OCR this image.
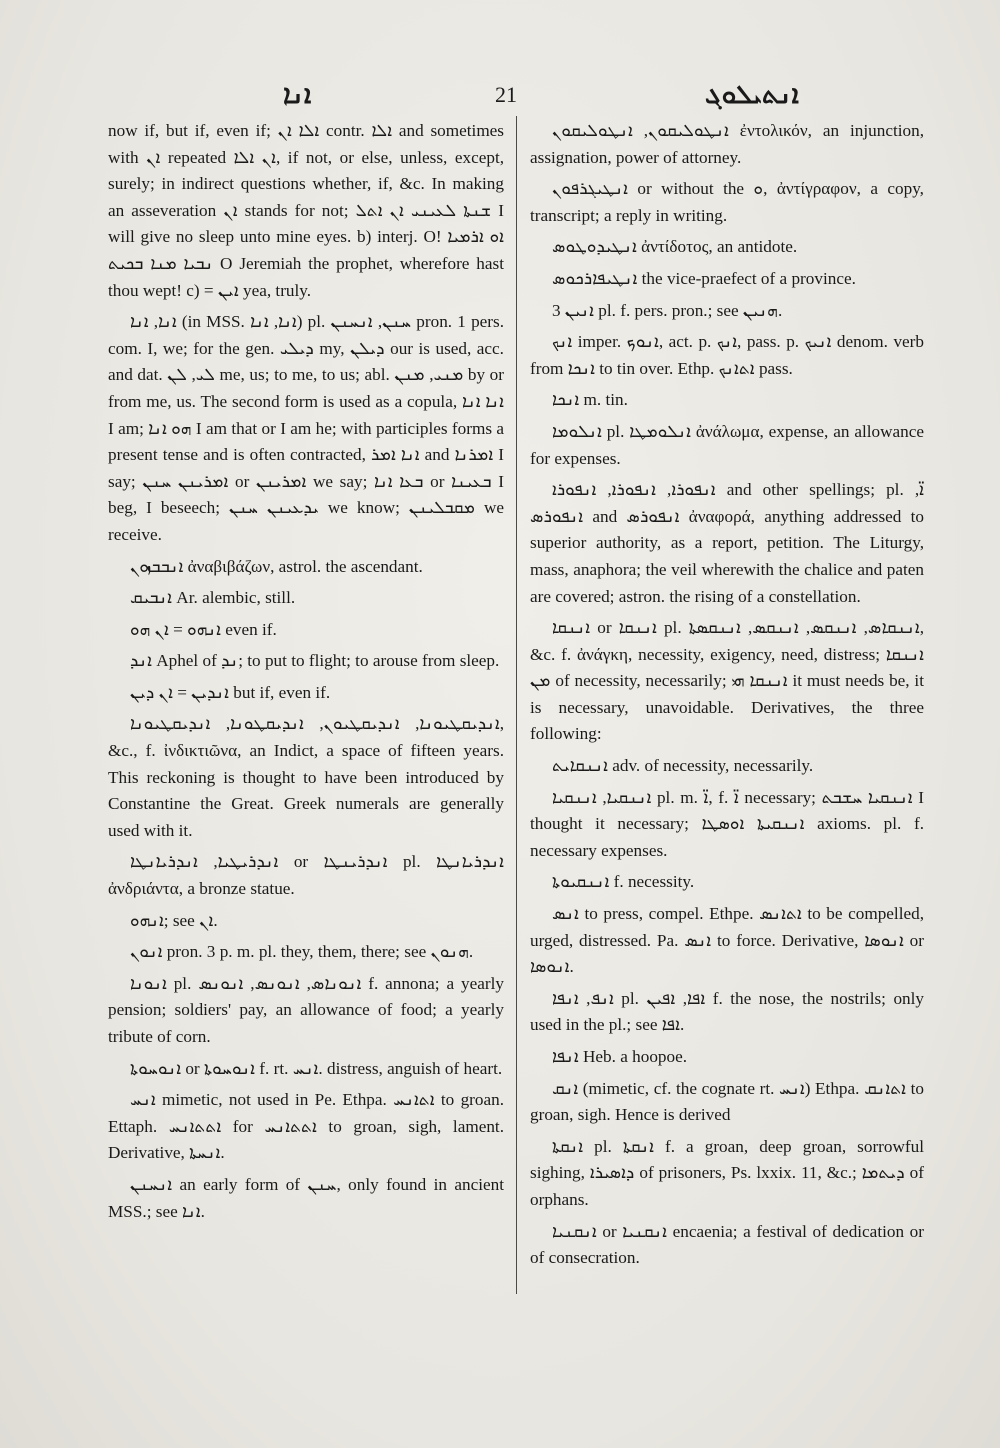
ܐܢܐ	21	ܐܢܬܝܠܘܓ

now if, but if, even if; ܐܠܐ ܐܢ contr. ܐܠܐ and sometimes with ܐܢ repeated ܐܢ ܐܠܐ, if not, or else, unless, except, surely; in indirect questions whether, if, &c. In making an asseveration ܐܢ stands for not; ܫܢܬܐ ܠܥܝܢܝ ܐܢ ܐܬܠ I will give no sleep unto mine eyes. b) interj. O! ܐܘ ܐܪܡܝܐ ܢܒܝܐ ܡܢܐ ܒܟܝܬ O Jeremiah the prophet, wherefore hast thou wept! c) = ܐܝܢ yea, truly.

ܐܢܐ, ܐܢܐ (in MSS. ܐܢܐ, ܐܢܐ) pl. ܚܢܢ, ܐܢܚܢܢ pron. 1 pers. com. I, we; for the gen. ܕܝܠܝ my, ܕܝܠܢ our is used, acc. and dat. ܠܝ, ܠܢ me, us; to me, to us; abl. ܡܢܝ, ܡܢܢ by or from me, us. The second form is used as a copula, ܐܢܐ ܐܢܐ I am; ܗܘ ܐܢܐ I am that or I am he; with participles forms a present tense and is often contracted, ܐܢܐ ܐܡܪ and ܐܡܪܢܐ I say; ܐܡܪܝܢܢ ܚܢܢ or ܐܡܪܝܢܢ we say; ܒܥܐ ܐܢܐ or ܒܥܝܢܐ I beg, I beseech; ܝܕܥܝܢܢ ܚܢܢ we know; ܡܩܒܠܝܢܢ we receive.

ܐܢܒܒܙܘܢ ἀναβιβάζων, astrol. the ascendant.

ܐܢܒܝܩ Ar. alembic, still.

ܐܢܗܘ = ܐܢ ܗܘ even if.

ܐܢܕ Aphel of ܢܕ; to put to flight; to arouse from sleep.

ܐܢܕܝܢ = ܐܢ ܕܝܢ but if, even if.

ܐܢܕܝܩܛܝܘܢܐ, ܐܢܕܝܩܛܝܘܢ, ܐܢܕܝܩܛܘܢܐ, ܐܢܕܝܩܛܝܘܢܐ, &c., f. ἰνδικτιῶνα, an Indict, a space of fifteen years. This reckoning is thought to have been introduced by Constantine the Great. Greek numerals are generally used with it.

ܐܢܕܪܝܛܝܐ, ܐܢܕܪܝܐܢܛܐ or ܐܢܕܪܝܢܛܐ pl. ܐܢܕܪܝܐܢܛܐ ἀνδριάντα, a bronze statue.

ܐܢܗܘ; see ܐܢ.

ܐܢܘܢ pron. 3 p. m. pl. they, them, there; see ܗܢܘܢ.

ܐܢܘܢܐ pl. ܐܢܘܢܐܣ, ܐܢܘܢܣ, ܐܢܘܢܣ f. annona; a yearly pension; soldiers' pay, an allowance of food; a yearly tribute of corn.

ܐܢܘܚܘܬܐ or ܐܢܘܚܘܬܐ f. rt. ܐܢܚ. distress, anguish of heart.

ܐܢܚ mimetic, not used in Pe. Ethpa. ܐܬܐܢܚ to groan. Ettaph. ܐܬܬܐܢܚ for ܐܬܬܐܢܚ to groan, sigh, lament. Derivative, ܐܢܚܬܐ.

ܐܢܚܢܢ an early form of ܚܢܢ, only found in ancient MSS.; see ܐܢܐ.

ܐܢܛܘܠܝܩܘܢ, ܐܢܛܘܠܝܩܘܢ ἐντολικόν, an injunction, assignation, power of attorney.

ܐܢܛܝܓܪܦܘܢ or without the ܘ, ἀντίγραφον, a copy, transcript; a reply in writing.

ܐܢܛܝܕܘܛܘܣ ἀντίδοτος, an antidote.

ܐܢܛܝܦܐܪܟܘܣ the vice-praefect of a province.

ܐܢܝܢ 3 pl. f. pers. pron.; see ܗܢܝܢ.

ܐܢܟ imper. ܐܢܘܟ, act. p. ܐܢܟ, pass. p. ܐܢܝܟ denom. verb from ܐܢܟܐ to tin over. Ethp. ܐܬܐܢܟ pass.

ܐܢܟܐ m. tin.

ܐܢܠܘܡܐ pl. ܐܢܠܘܡܛܐ ἀνάλωμα, expense, an allowance for expenses.

ܐܢܦܘܪܐ, ܐܢܦܘܪܐ, ܐܢܦܘܪܐ and other spellings; pl. ܐ̈, ܐܢܦܘܪܣ and ܐܢܦܘܪܣ ἀναφορά, anything addressed to superior authority, as a report, petition. The Liturgy, mass, anaphora; the veil wherewith the chalice and paten are covered; astron. the rising of a constellation.

ܐܢܢܩܐ or ܐܢܢܩܐ pl. ܐܢܢܩܐܣ, ܐܢܢܩܣ, ܐܢܢܩܣ, ܐܢܢܩܣܬܐ, &c. f. ἀνάγκη, necessity, exigency, need, distress; ܐܢܢܩܐ ܡܢ of necessity, necessarily; ܐܢܢܩܐ ܗܝ it must needs be, it is necessary, unavoidable. Derivatives, the three following:

ܐܢܢܩܐܝܬ adv. of necessity, necessarily.

ܐܢܢܩܝܐ, ܐܢܢܩܝܐ pl. m. ܐ̈, f. ܐ̈ necessary; ܐܢܢܩܝܐ ܚܫܒܬ I thought it necessary; ܐܢܢܩܝܬܐ ܐܘܣܛܐ axioms. pl. f. necessary expenses.

ܐܢܢܩܝܘܬܐ f. necessity.

ܐܢܣ to press, compel. Ethpe. ܐܬܐܢܣ to be compelled, urged, distressed. Pa. ܐܢܣ to force. Derivative, ܐܢܘܣܐ or ܐܢܘܣܐ.

ܐܢܦ, ܐܢܦܐ pl. ܐܦܐ, ܐܦܝܢ f. the nose, the nostrils; only used in the pl.; see ܐܦܐ.

ܐܢܦܐ Heb. a hoopoe.

ܐܢܩ (mimetic, cf. the cognate rt. ܐܢܚ) Ethpa. ܐܬܐܢܩ to groan, sigh. Hence is derived

ܐܢܩܬܐ pl. ܐܢܩܬܐ f. a groan, deep groan, sorrowful sighing, ܕܐܣܝܪܐ of prisoners, Ps. lxxix. 11, &c.; ܕܝܬܡܐ of orphans.

ܐܢܩܢܝܐ or ܐܢܩܢܝܐ encaenia; a festival of dedication or of consecration.
